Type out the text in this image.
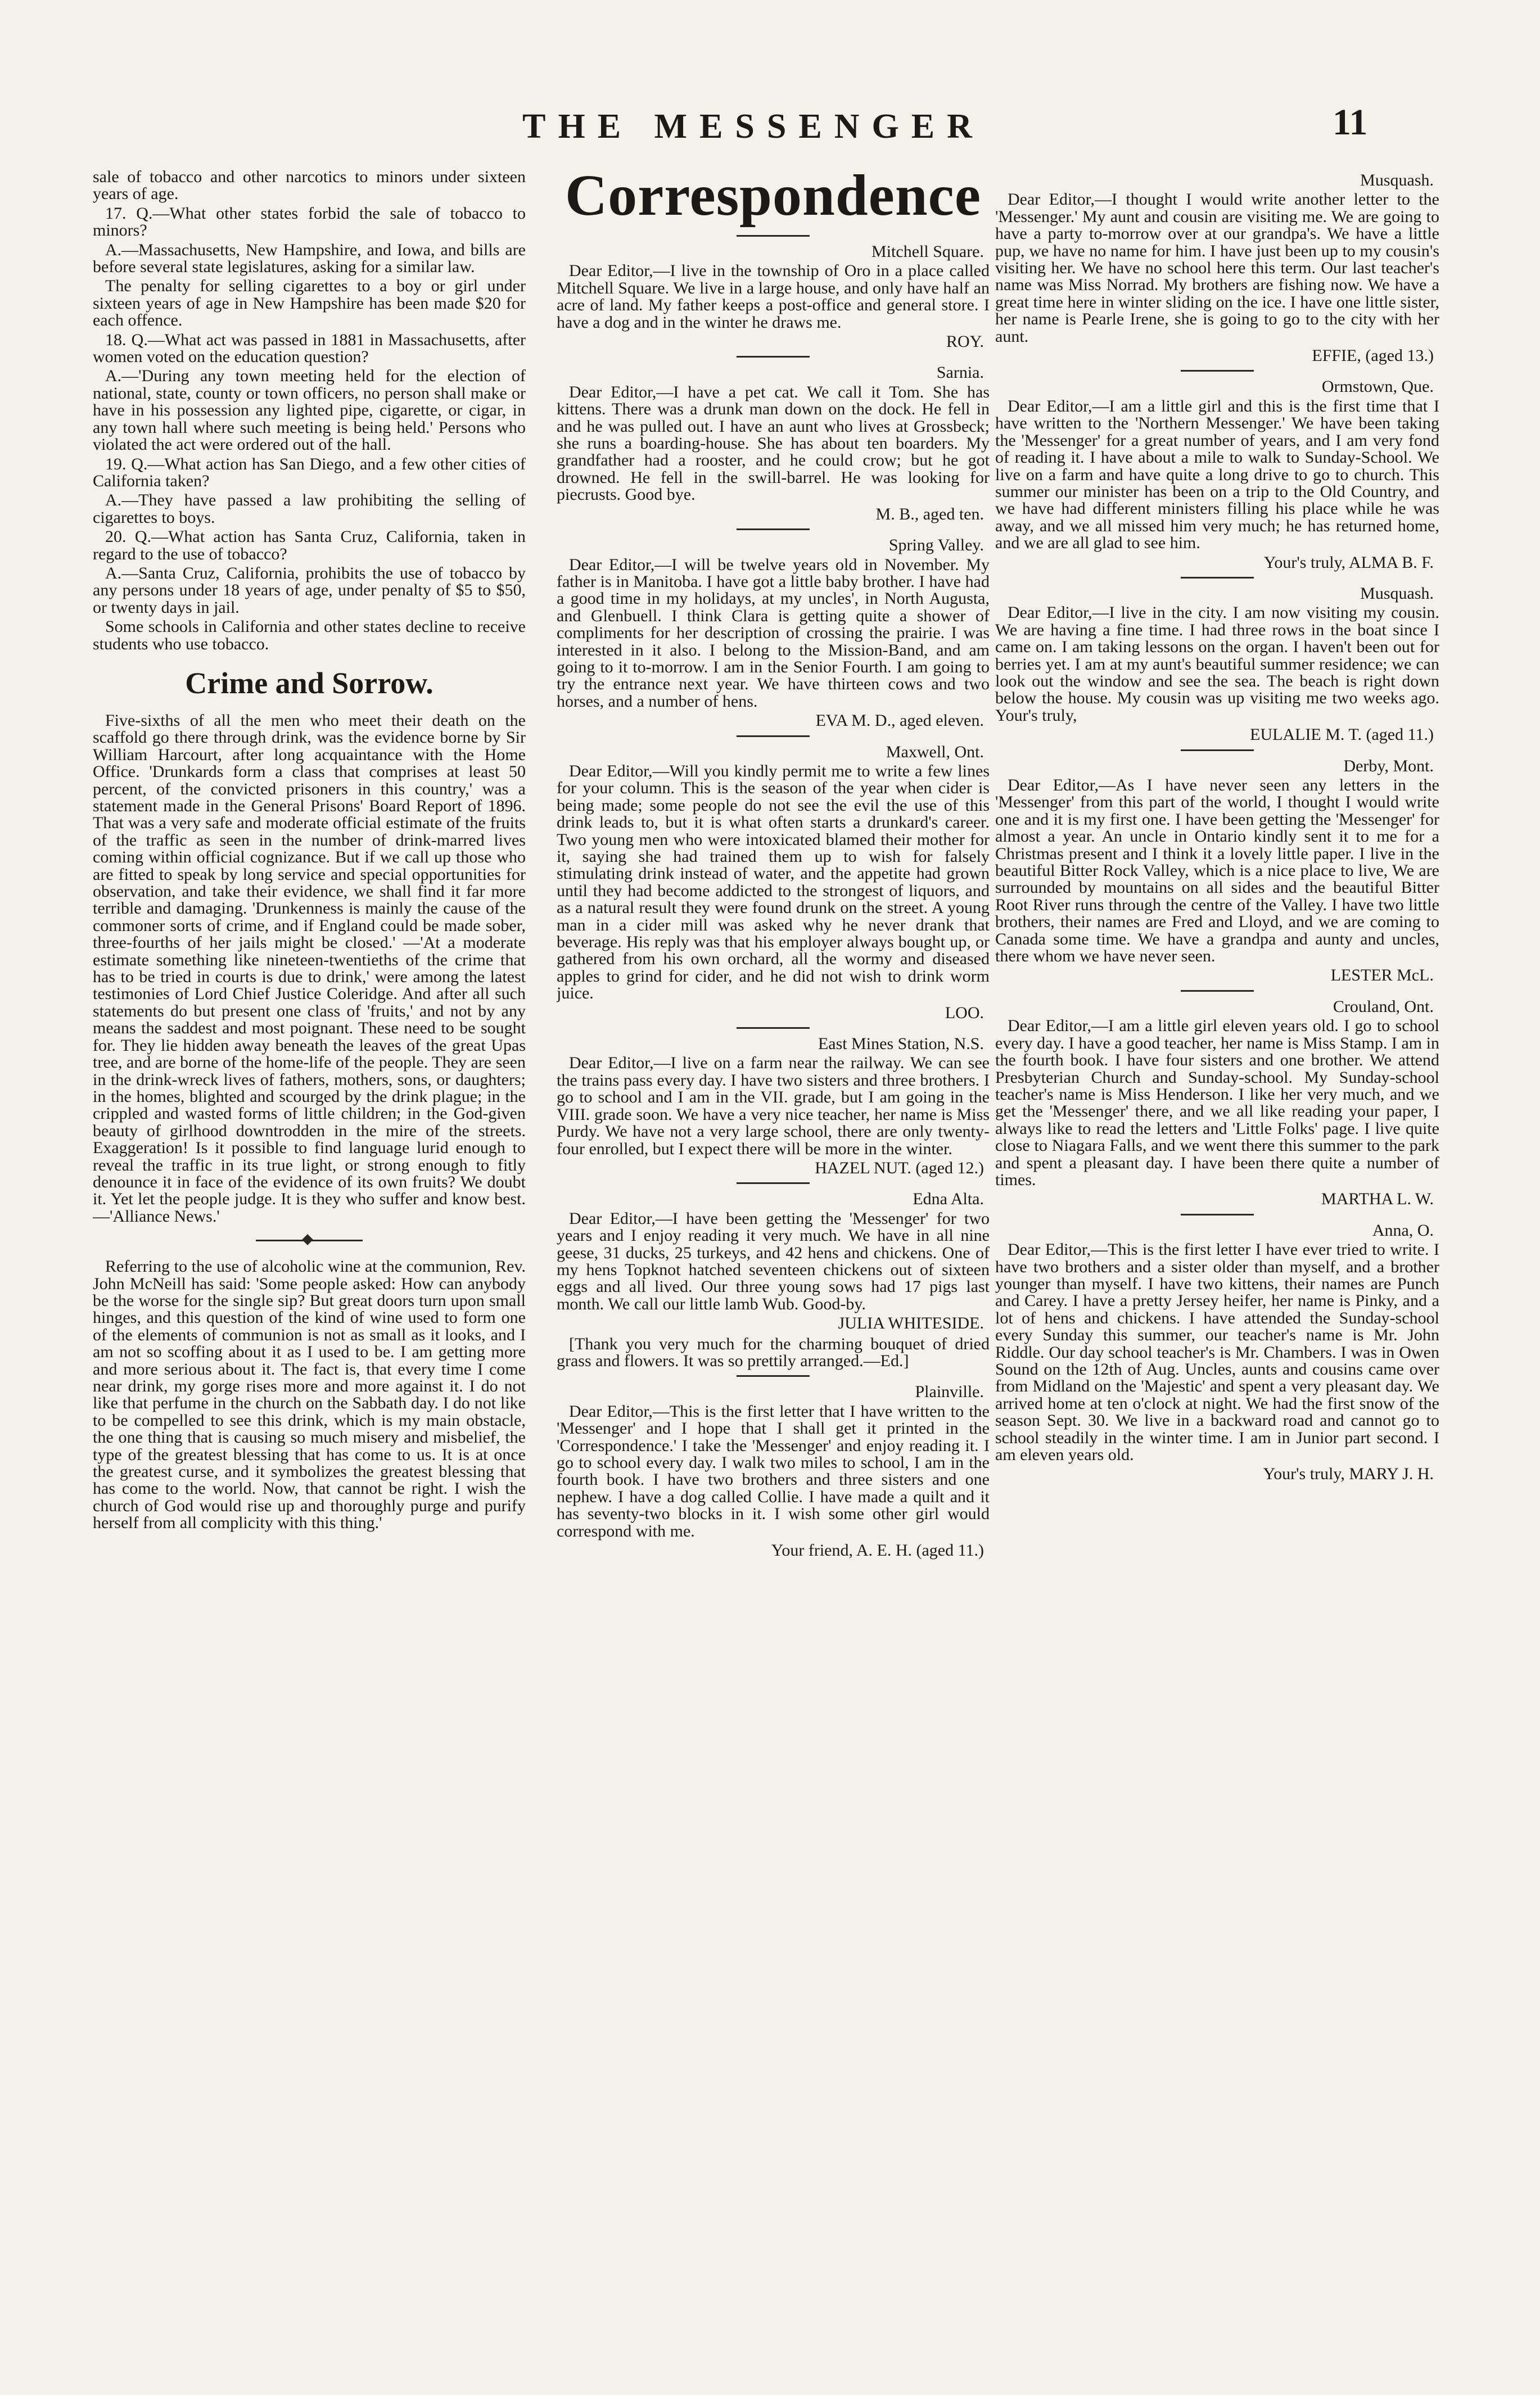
THE MESSENGER	11

sale of tobacco and other narcotics to minors under sixteen years of age.

17. Q.—What other states forbid the sale of tobacco to minors?

A.—Massachusetts, New Hampshire, and Iowa, and bills are before several state legislatures, asking for a similar law.

The penalty for selling cigarettes to a boy or girl under sixteen years of age in New Hampshire has been made $20 for each offence.

18. Q.—What act was passed in 1881 in Massachusetts, after women voted on the education question?

A.—'During any town meeting held for the election of national, state, county or town officers, no person shall make or have in his possession any lighted pipe, cigarette, or cigar, in any town hall where such meeting is being held.' Persons who violated the act were ordered out of the hall.

19. Q.—What action has San Diego, and a few other cities of California taken?

A.—They have passed a law prohibiting the selling of cigarettes to boys.

20. Q.—What action has Santa Cruz, California, taken in regard to the use of tobacco?

A.—Santa Cruz, California, prohibits the use of tobacco by any persons under 18 years of age, under penalty of $5 to $50, or twenty days in jail.

Some schools in California and other states decline to receive students who use tobacco.

Crime and Sorrow.

Five-sixths of all the men who meet their death on the scaffold go there through drink, was the evidence borne by Sir William Harcourt, after long acquaintance with the Home Office. 'Drunkards form a class that comprises at least 50 percent, of the convicted prisoners in this country,' was a statement made in the General Prisons' Board Report of 1896. That was a very safe and moderate official estimate of the fruits of the traffic as seen in the number of drink-marred lives coming within official cognizance. But if we call up those who are fitted to speak by long service and special opportunities for observation, and take their evidence, we shall find it far more terrible and damaging. 'Drunkenness is mainly the cause of the commoner sorts of crime, and if England could be made sober, three-fourths of her jails might be closed.' —'At a moderate estimate something like nineteen-twentieths of the crime that has to be tried in courts is due to drink,' were among the latest testimonies of Lord Chief Justice Coleridge. And after all such statements do but present one class of 'fruits,' and not by any means the saddest and most poignant. These need to be sought for. They lie hidden away beneath the leaves of the great Upas tree, and are borne of the home-life of the people. They are seen in the drink-wreck lives of fathers, mothers, sons, or daughters; in the homes, blighted and scourged by the drink plague; in the crippled and wasted forms of little children; in the God-given beauty of girlhood downtrodden in the mire of the streets. Exaggeration! Is it possible to find language lurid enough to reveal the traffic in its true light, or strong enough to fitly denounce it in face of the evidence of its own fruits? We doubt it. Yet let the people judge. It is they who suffer and know best.—'Alliance News.'

Referring to the use of alcoholic wine at the communion, Rev. John McNeill has said: 'Some people asked: How can anybody be the worse for the single sip? But great doors turn upon small hinges, and this question of the kind of wine used to form one of the elements of communion is not as small as it looks, and I am not so scoffing about it as I used to be. I am getting more and more serious about it. The fact is, that every time I come near drink, my gorge rises more and more against it. I do not like that perfume in the church on the Sabbath day. I do not like to be compelled to see this drink, which is my main obstacle, the one thing that is causing so much misery and misbelief, the type of the greatest blessing that has come to us. It is at once the greatest curse, and it symbolizes the greatest blessing that has come to the world. Now, that cannot be right. I wish the church of God would rise up and thoroughly purge and purify herself from all complicity with this thing.'

Correspondence
Mitchell Square.

Dear Editor,—I live in the township of Oro in a place called Mitchell Square. We live in a large house, and only have half an acre of land. My father keeps a post-office and general store. I have a dog and in the winter he draws me.

ROY.
Sarnia.

Dear Editor,—I have a pet cat. We call it Tom. She has kittens. There was a drunk man down on the dock. He fell in and he was pulled out. I have an aunt who lives at Grossbeck; she runs a boarding-house. She has about ten boarders. My grandfather had a rooster, and he could crow; but he got drowned. He fell in the swill-barrel. He was looking for piecrusts. Good bye.

M. B., aged ten.
Spring Valley.

Dear Editor,—I will be twelve years old in November. My father is in Manitoba. I have got a little baby brother. I have had a good time in my holidays, at my uncles', in North Augusta, and Glenbuell. I think Clara is getting quite a shower of compliments for her description of crossing the prairie. I was interested in it also. I belong to the Mission-Band, and am going to it to-morrow. I am in the Senior Fourth. I am going to try the entrance next year. We have thirteen cows and two horses, and a number of hens.

EVA M. D., aged eleven.
Maxwell, Ont.

Dear Editor,—Will you kindly permit me to write a few lines for your column. This is the season of the year when cider is being made; some people do not see the evil the use of this drink leads to, but it is what often starts a drunkard's career. Two young men who were intoxicated blamed their mother for it, saying she had trained them up to wish for falsely stimulating drink instead of water, and the appetite had grown until they had become addicted to the strongest of liquors, and as a natural result they were found drunk on the street. A young man in a cider mill was asked why he never drank that beverage. His reply was that his employer always bought up, or gathered from his own orchard, all the wormy and diseased apples to grind for cider, and he did not wish to drink worm juice.

LOO.
East Mines Station, N.S.

Dear Editor,—I live on a farm near the railway. We can see the trains pass every day. I have two sisters and three brothers. I go to school and I am in the VII. grade, but I am going in the VIII. grade soon. We have a very nice teacher, her name is Miss Purdy. We have not a very large school, there are only twenty-four enrolled, but I expect there will be more in the winter.

HAZEL NUT. (aged 12.)
Edna Alta.

Dear Editor,—I have been getting the 'Messenger' for two years and I enjoy reading it very much. We have in all nine geese, 31 ducks, 25 turkeys, and 42 hens and chickens. One of my hens Topknot hatched seventeen chickens out of sixteen eggs and all lived. Our three young sows had 17 pigs last month. We call our little lamb Wub. Good-by.

JULIA WHITESIDE.

[Thank you very much for the charming bouquet of dried grass and flowers. It was so prettily arranged.—Ed.]

Plainville.

Dear Editor,—This is the first letter that I have written to the 'Messenger' and I hope that I shall get it printed in the 'Correspondence.' I take the 'Messenger' and enjoy reading it. I go to school every day. I walk two miles to school, I am in the fourth book. I have two brothers and three sisters and one nephew. I have a dog called Collie. I have made a quilt and it has seventy-two blocks in it. I wish some other girl would correspond with me.

Your friend, A. E. H. (aged 11.)
Musquash.

Dear Editor,—I thought I would write another letter to the 'Messenger.' My aunt and cousin are visiting me. We are going to have a party to-morrow over at our grandpa's. We have a little pup, we have no name for him. I have just been up to my cousin's visiting her. We have no school here this term. Our last teacher's name was Miss Norrad. My brothers are fishing now. We have a great time here in winter sliding on the ice. I have one little sister, her name is Pearle Irene, she is going to go to the city with her aunt.

EFFIE, (aged 13.)
Ormstown, Que.

Dear Editor,—I am a little girl and this is the first time that I have written to the 'Northern Messenger.' We have been taking the 'Messenger' for a great number of years, and I am very fond of reading it. I have about a mile to walk to Sunday-School. We live on a farm and have quite a long drive to go to church. This summer our minister has been on a trip to the Old Country, and we have had different ministers filling his place while he was away, and we all missed him very much; he has returned home, and we are all glad to see him.

Your's truly, ALMA B. F.
Musquash.

Dear Editor,—I live in the city. I am now visiting my cousin. We are having a fine time. I had three rows in the boat since I came on. I am taking lessons on the organ. I haven't been out for berries yet. I am at my aunt's beautiful summer residence; we can look out the window and see the sea. The beach is right down below the house. My cousin was up visiting me two weeks ago. Your's truly,

EULALIE M. T. (aged 11.)
Derby, Mont.

Dear Editor,—As I have never seen any letters in the 'Messenger' from this part of the world, I thought I would write one and it is my first one. I have been getting the 'Messenger' for almost a year. An uncle in Ontario kindly sent it to me for a Christmas present and I think it a lovely little paper. I live in the beautiful Bitter Rock Valley, which is a nice place to live, We are surrounded by mountains on all sides and the beautiful Bitter Root River runs through the centre of the Valley. I have two little brothers, their names are Fred and Lloyd, and we are coming to Canada some time. We have a grandpa and aunty and uncles, there whom we have never seen.

LESTER McL.
Crouland, Ont.

Dear Editor,—I am a little girl eleven years old. I go to school every day. I have a good teacher, her name is Miss Stamp. I am in the fourth book. I have four sisters and one brother. We attend Presbyterian Church and Sunday-school. My Sunday-school teacher's name is Miss Henderson. I like her very much, and we get the 'Messenger' there, and we all like reading your paper, I always like to read the letters and 'Little Folks' page. I live quite close to Niagara Falls, and we went there this summer to the park and spent a pleasant day. I have been there quite a number of times.

MARTHA L. W.
Anna, O.

Dear Editor,—This is the first letter I have ever tried to write. I have two brothers and a sister older than myself, and a brother younger than myself. I have two kittens, their names are Punch and Carey. I have a pretty Jersey heifer, her name is Pinky, and a lot of hens and chickens. I have attended the Sunday-school every Sunday this summer, our teacher's name is Mr. John Riddle. Our day school teacher's is Mr. Chambers. I was in Owen Sound on the 12th of Aug. Uncles, aunts and cousins came over from Midland on the 'Majestic' and spent a very pleasant day. We arrived home at ten o'clock at night. We had the first snow of the season Sept. 30. We live in a backward road and cannot go to school steadily in the winter time. I am in Junior part second. I am eleven years old.

Your's truly, MARY J. H.
